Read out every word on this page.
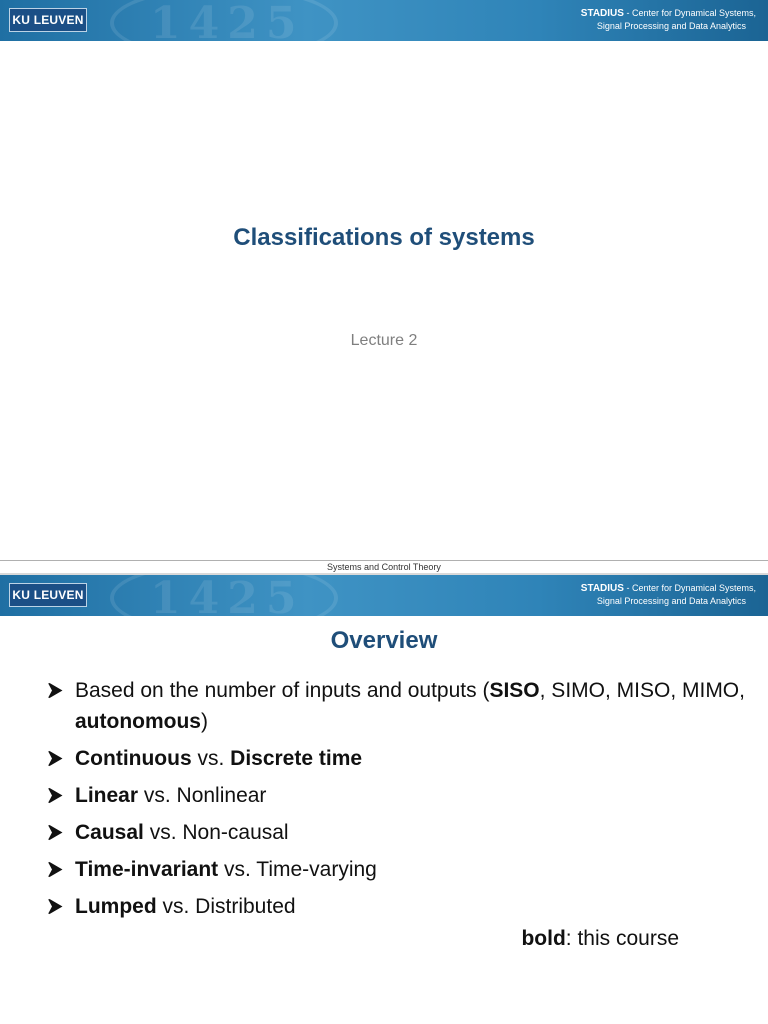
1425
KU LEUVEN	STADIUS - Center for Dynamical Systems,
Signal Processing and Data Analytics
Classifications of systems
Lecture 2
Systems and Control Theory
1425
KU LEUVEN	STADIUS - Center for Dynamical Systems,
Signal Processing and Data Analytics
Overview
Based on the number of inputs and outputs (SISO, SIMO, MISO, MIMO, autonomous)
Continuous vs. Discrete time
Linear vs. Nonlinear
Causal vs. Non-causal
Time-invariant vs. Time-varying
Lumped vs. Distributed
bold: this course
